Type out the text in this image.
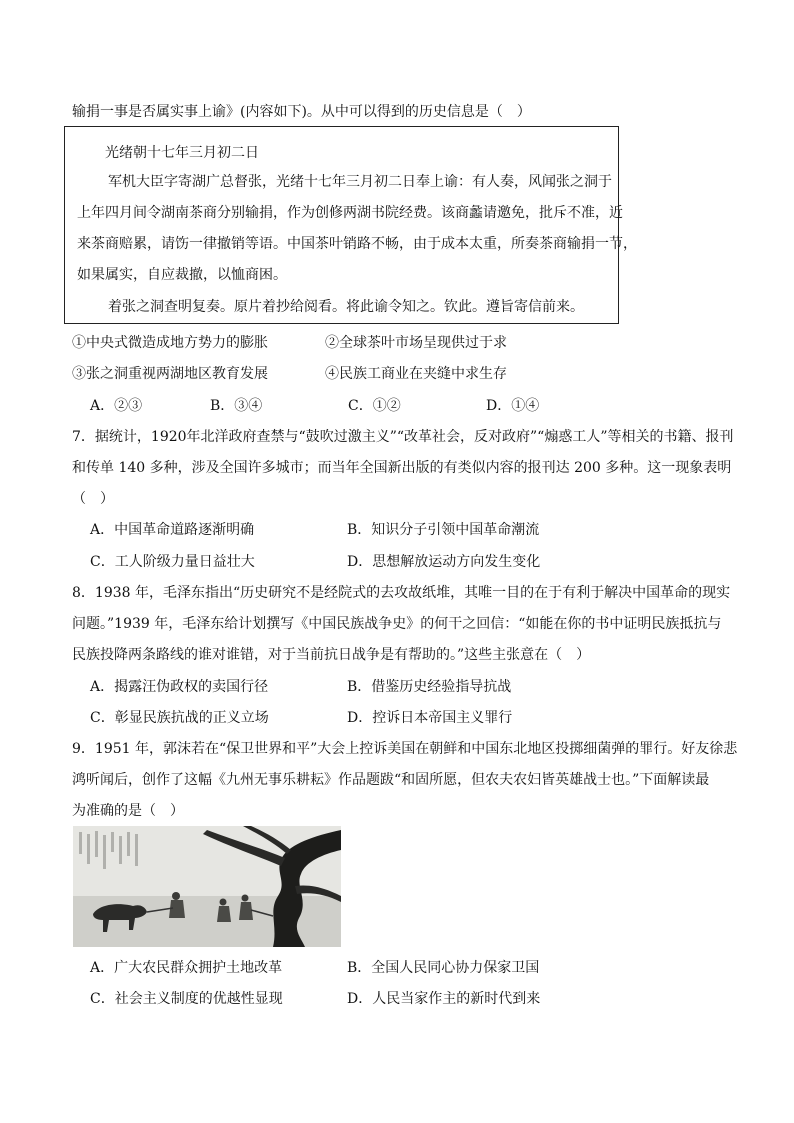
输捐一事是否属实事上谕》(内容如下)。从中可以得到的历史信息是（　）
光绪朝十七年三月初二日
军机大臣字寄湖广总督张，光绪十七年三月初二日奉上谕：有人奏，风闻张之洞于
上年四月间令湖南茶商分别输捐，作为创修两湖书院经费。该商蠡请邀免，批斥不准，近
来茶商赔累，请饬一律撤销等语。中国茶叶销路不畅，由于成本太重，所奏茶商输捐一节，
如果属实，自应裁撤，以恤商困。
着张之洞查明复奏。原片着抄给阅看。将此谕令知之。钦此。遵旨寄信前来。
①中央式微造成地方势力的膨胀	②全球茶叶市场呈现供过于求
③张之洞重视两湖地区教育发展	④民族工商业在夹缝中求生存
A．②③	B．③④	C．①②	D．①④
7．据统计，1920年北洋政府查禁与“鼓吹过激主义”“改革社会，反对政府”“煽惑工人”等相关的书籍、报刊
和传单 140 多种，涉及全国许多城市；而当年全国新出版的有类似内容的报刊达 200 多种。这一现象表明
（　）
A．中国革命道路逐渐明确	B．知识分子引领中国革命潮流
C．工人阶级力量日益壮大	D．思想解放运动方向发生变化
8．1938 年，毛泽东指出“历史研究不是经院式的去攻故纸堆，其唯一目的在于有利于解决中国革命的现实
问题。”1939 年，毛泽东给计划撰写《中国民族战争史》的何干之回信：“如能在你的书中证明民族抵抗与
民族投降两条路线的谁对谁错，对于当前抗日战争是有帮助的。”这些主张意在（　）
A．揭露汪伪政权的卖国行径	B．借鉴历史经验指导抗战
C．彰显民族抗战的正义立场	D．控诉日本帝国主义罪行
9．1951 年，郭沫若在“保卫世界和平”大会上控诉美国在朝鲜和中国东北地区投掷细菌弹的罪行。好友徐悲
鸿听闻后，创作了这幅《九州无事乐耕耘》作品题跋“和固所愿，但农夫农妇皆英雄战士也。”下面解读最
为准确的是（　）
A．广大农民群众拥护土地改革	B．全国人民同心协力保家卫国
C．社会主义制度的优越性显现	D．人民当家作主的新时代到来
